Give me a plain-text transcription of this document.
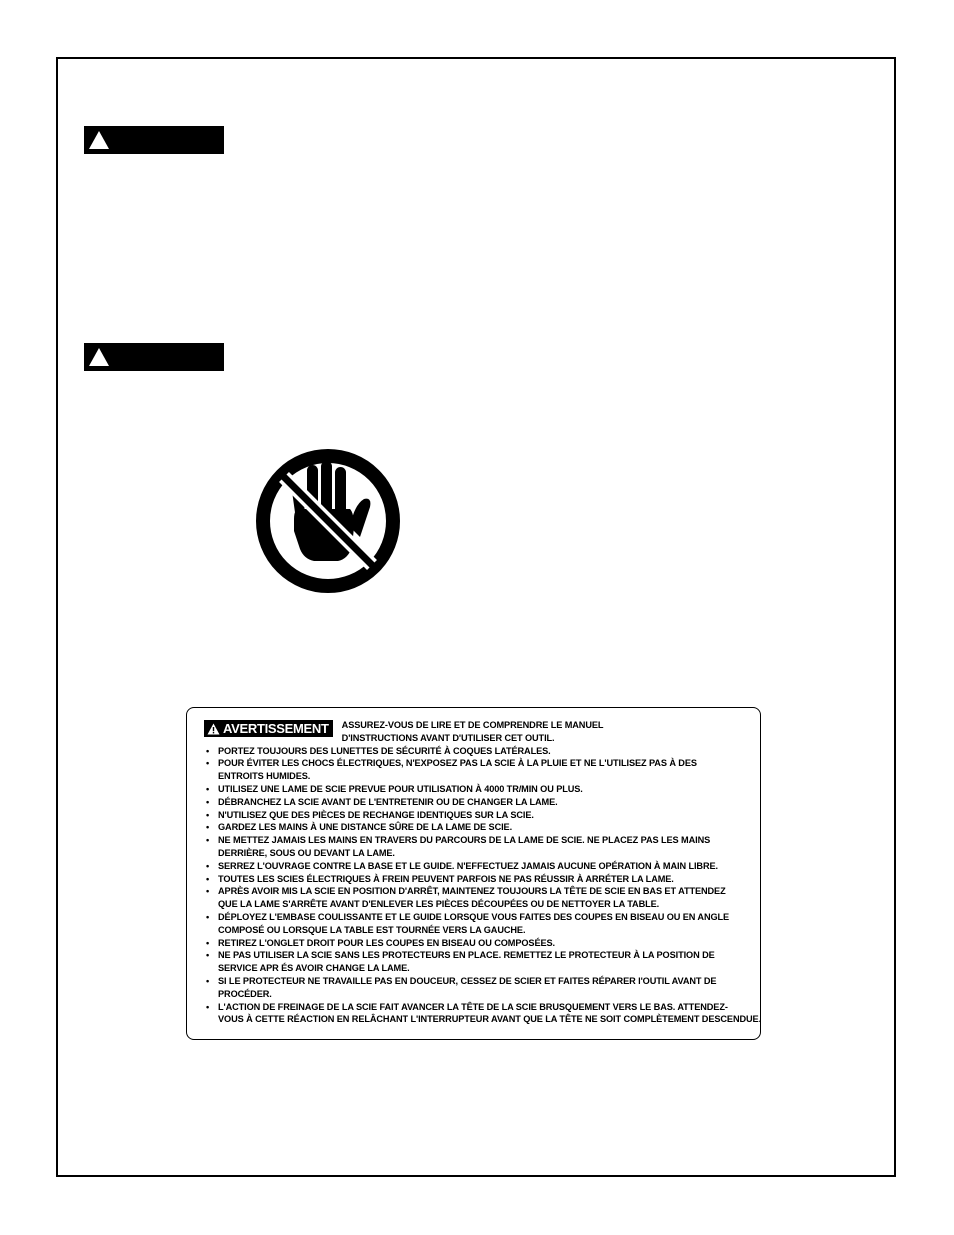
AVERTISSEMENT ASSUREZ-VOUS DE LIRE ET DE COMPRENDRE LE MANUEL
D'INSTRUCTIONS AVANT D'UTILISER CET OUTIL.
• PORTEZ TOUJOURS DES LUNETTES DE SÉCURITÉ À COQUES LATÉRALES.
• POUR ÉVITER LES CHOCS ÉLECTRIQUES, N'EXPOSEZ PAS LA SCIE À LA PLUIE ET NE L'UTILISEZ PAS À DES
ENTROITS HUMIDES.
• UTILISEZ UNE LAME DE SCIE PREVUE POUR UTILISATION À 4000 TR/MIN OU PLUS.
• DÉBRANCHEZ LA SCIE AVANT DE L'ENTRETENIR OU DE CHANGER LA LAME.
• N'UTILISEZ QUE DES PIÈCES DE RECHANGE IDENTIQUES SUR LA SCIE.
• GARDEZ LES MAINS À UNE DISTANCE SÛRE DE LA LAME DE SCIE.
• NE METTEZ JAMAIS LES MAINS EN TRAVERS DU PARCOURS DE LA LAME DE SCIE. NE PLACEZ PAS LES MAINS
DERRIÈRE, SOUS OU DEVANT LA LAME.
• SERREZ L'OUVRAGE CONTRE LA BASE ET LE GUIDE. N'EFFECTUEZ JAMAIS AUCUNE OPÉRATION À MAIN LIBRE.
• TOUTES LES SCIES ÉLECTRIQUES À FREIN PEUVENT PARFOIS NE PAS RÉUSSIR À ARRÉTER LA LAME.
• APRÈS AVOIR MIS LA SCIE EN POSITION D'ARRÊT, MAINTENEZ TOUJOURS LA TÊTE DE SCIE EN BAS ET ATTENDEZ
QUE LA LAME S'ARRÊTE AVANT D'ENLEVER LES PIÈCES DÉCOUPÉES OU DE NETTOYER LA TABLE.
• DÉPLOYEZ L'EMBASE COULISSANTE ET LE GUIDE LORSQUE VOUS FAITES DES COUPES EN BISEAU OU EN ANGLE
COMPOSÉ OU LORSQUE LA TABLE EST TOURNÉE VERS LA GAUCHE.
• RETIREZ L'ONGLET DROIT POUR LES COUPES EN BISEAU OU COMPOSÉES.
• NE PAS UTILISER LA SCIE SANS LES PROTECTEURS EN PLACE. REMETTEZ LE PROTECTEUR À LA POSITION DE
SERVICE APR ÉS AVOIR CHANGE LA LAME.
• SI LE PROTECTEUR NE TRAVAILLE PAS EN DOUCEUR, CESSEZ DE SCIER ET FAITES RÉPARER l'OUTIL AVANT DE
PROCÉDER.
• L'ACTION DE FREINAGE DE LA SCIE FAIT AVANCER LA TÊTE DE LA SCIE BRUSQUEMENT VERS LE BAS. ATTENDEZ-
VOUS À CETTE RÉACTION EN RELÂCHANT L'INTERRUPTEUR AVANT QUE LA TÊTE NE SOIT COMPLÈTEMENT DESCENDUE.
